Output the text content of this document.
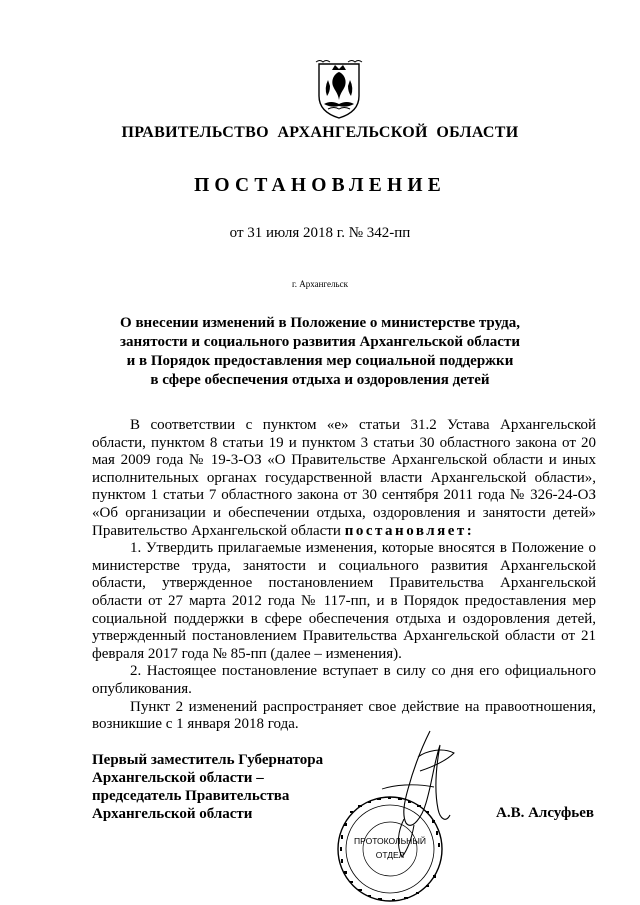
ПРАВИТЕЛЬСТВО  АРХАНГЕЛЬСКОЙ  ОБЛАСТИ
ПОСТАНОВЛЕНИЕ
от 31 июля 2018 г. № 342-пп
г. Архангельск
О внесении изменений в Положение о министерстве труда,
занятости и социального развития Архангельской области
и в Порядок предоставления мер социальной поддержки
в сфере обеспечения отдыха и оздоровления детей

В соответствии с пунктом «е» статьи 31.2 Устава Архангельской области, пунктом 8 статьи 19 и пунктом 3 статьи 30 областного закона от 20 мая 2009 года № 19-3-ОЗ «О Правительстве Архангельской области и иных исполнительных органах государственной власти Архангельской области», пунктом 1 статьи 7 областного закона от 30 сентября 2011 года № 326-24-ОЗ «Об организации и обеспечении отдыха, оздоровления и занятости детей» Правительство Архангельской области постановляет:

1. Утвердить прилагаемые изменения, которые вносятся в Положение о министерстве труда, занятости и социального развития Архангельской области, утвержденное постановлением Правительства Архангельской области от 27 марта 2012 года № 117-пп, и в Порядок предоставления мер социальной поддержки в сфере обеспечения отдыха и оздоровления детей, утвержденный постановлением Правительства Архангельской области от 21 февраля 2017 года № 85-пп (далее – изменения).

2. Настоящее постановление вступает в силу со дня его официального опубликования.

Пункт 2 изменений распространяет свое действие на правоотношения, возникшие с 1 января 2018 года.

Первый заместитель Губернатора
Архангельской области –
председатель Правительства
Архангельской области	А.В. Алсуфьев
ПРОТОКОЛЬНЫЙ
ОТДЕЛ
